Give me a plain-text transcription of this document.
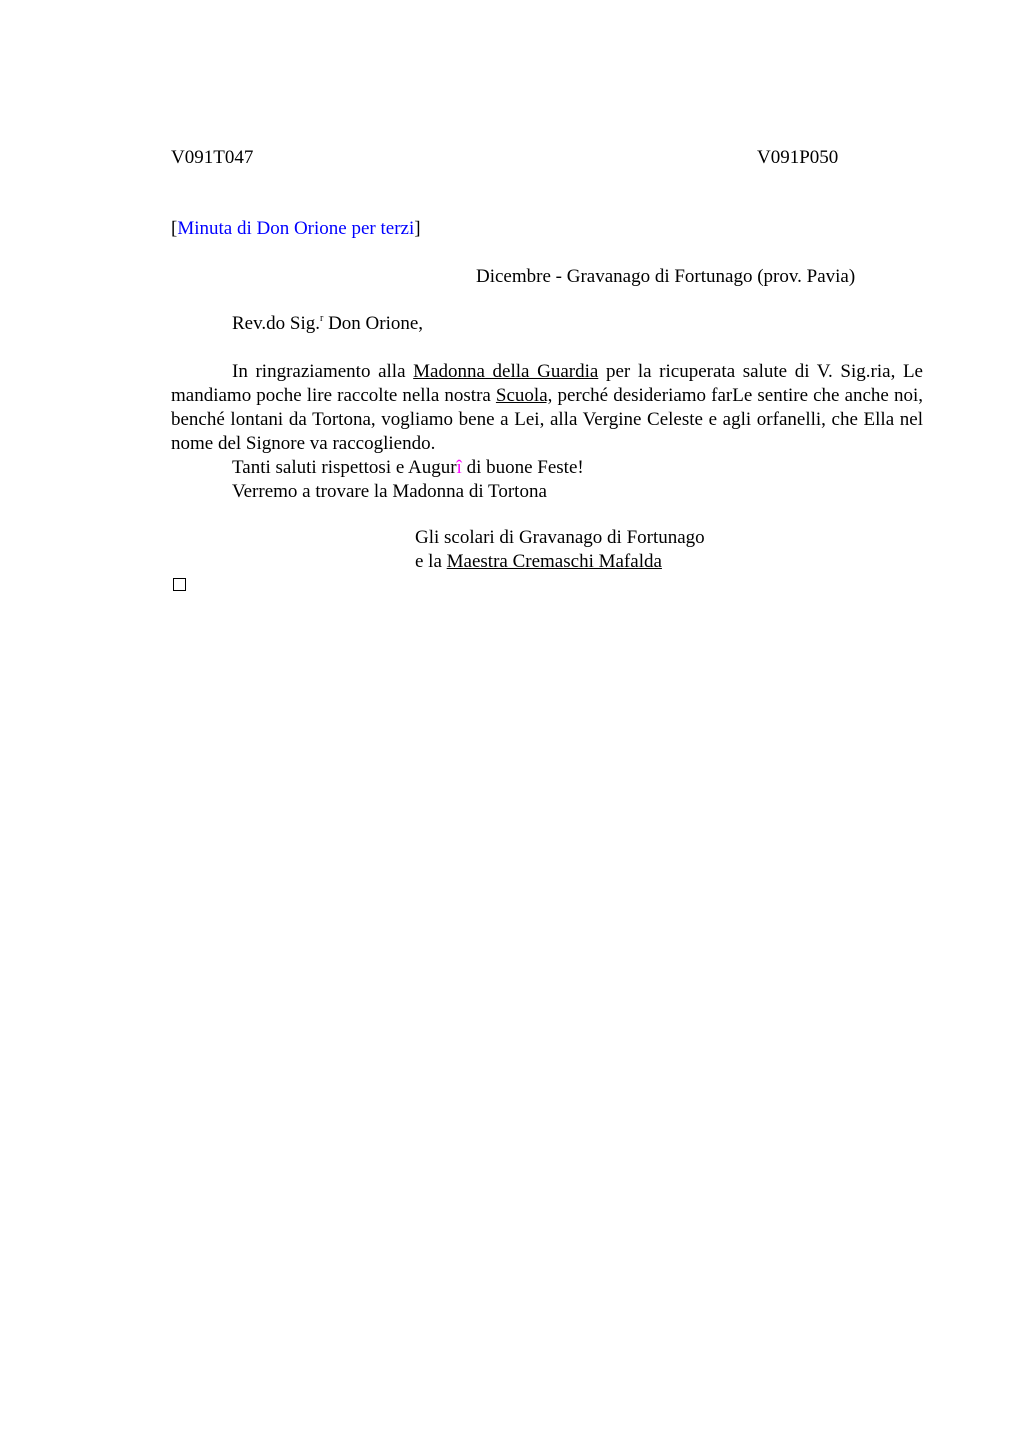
V091T047	V091P050
[Minuta di Don Orione per terzi]
Dicembre - Gravanago di Fortunago (prov. Pavia)
Rev.do Sig.$^r$ Don Orione,

In ringraziamento alla Madonna della Guardia per la ricuperata salute di V. Sig.ria, Le mandiamo poche lire raccolte nella nostra Scuola, perché desideriamo farLe sentire che anche noi, benché lontani da Tortona, vogliamo bene a Lei, alla Vergine Celeste e agli orfanelli, che Ella nel nome del Signore va raccogliendo.

Tanti saluti rispettosi e Augurî di buone Feste!

Verremo a trovare la Madonna di Tortona

Gli scolari di Gravanago di Fortunago
e la Maestra Cremaschi Mafalda
